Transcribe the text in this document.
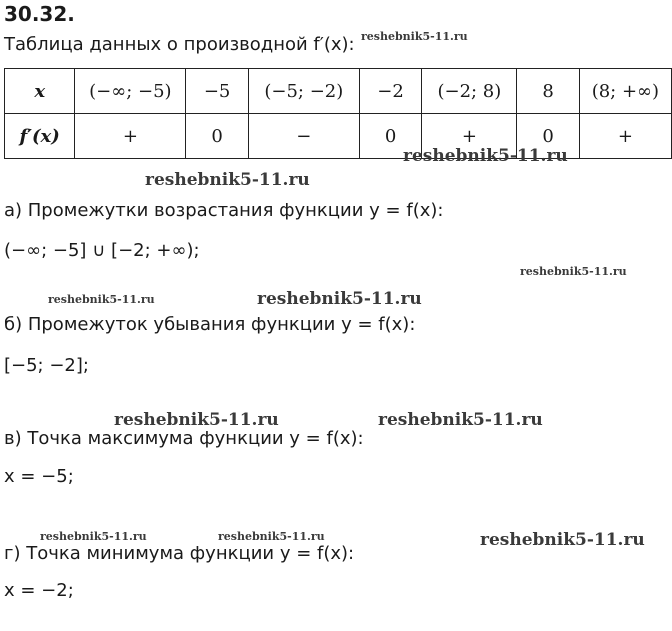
30.32.
Таблица данных о производной f′(x):
x	(−∞; −5)	−5	(−5; −2)	−2	(−2; 8)	8	(8; +∞)
f′(x)	+	0	−	0	+	0	+
а) Промежутки возрастания функции y = f(x):
(−∞; −5] ∪ [−2; +∞);
б) Промежуток убывания функции y = f(x):
[−5; −2];
в) Точка максимума функции y = f(x):
x = −5;
г) Точка минимума функции y = f(x):
x = −2;
reshebnik5-11.ru
reshebnik5-11.ru
reshebnik5-11.ru
reshebnik5-11.ru
reshebnik5-11.ru	reshebnik5-11.ru
reshebnik5-11.ru	reshebnik5-11.ru
reshebnik5-11.ru	reshebnik5-11.ru	reshebnik5-11.ru
